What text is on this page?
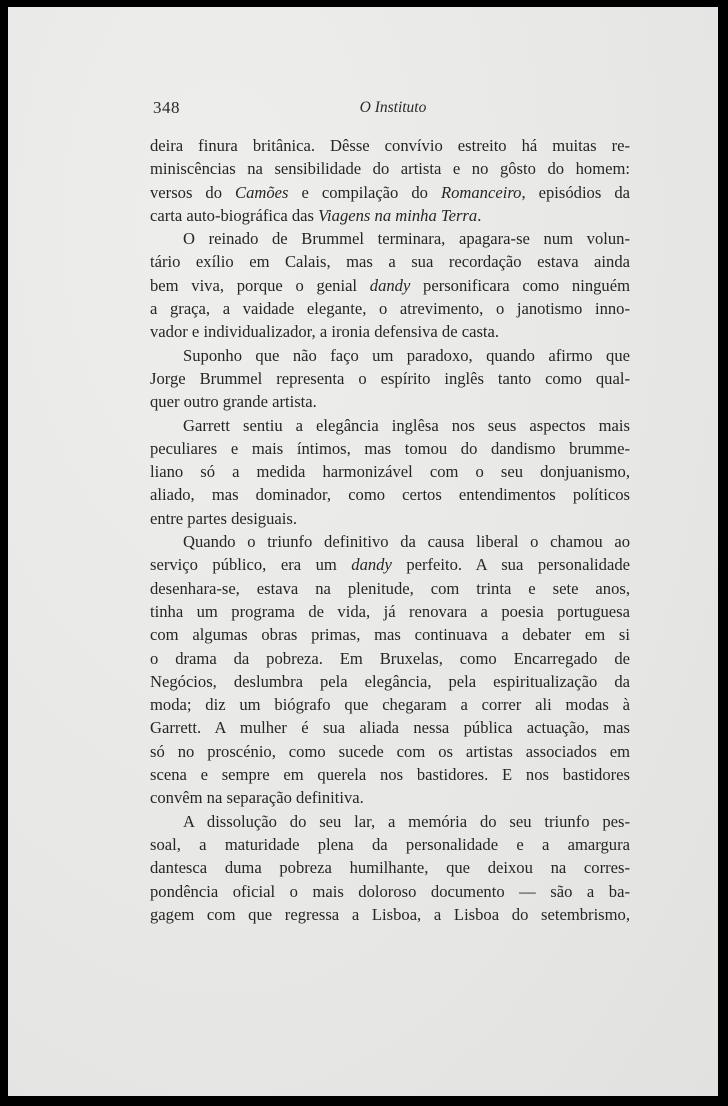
348	O Instituto
deira finura britânica. Dêsse convívio estreito há muitas re-
miniscências na sensibilidade do artista e no gôsto do homem:
versos do Camões e compilação do Romanceiro, episódios da
carta auto-biográfica das Viagens na minha Terra.
O reinado de Brummel terminara, apagara-se num volun-
tário exílio em Calais, mas a sua recordação estava ainda
bem viva, porque o genial dandy personificara como ninguém
a graça, a vaidade elegante, o atrevimento, o janotismo inno-
vador e individualizador, a ironia defensiva de casta.
Suponho que não faço um paradoxo, quando afirmo que
Jorge Brummel representa o espírito inglês tanto como qual-
quer outro grande artista.
Garrett sentiu a elegância inglêsa nos seus aspectos mais
peculiares e mais íntimos, mas tomou do dandismo brumme-
liano só a medida harmonizável com o seu donjuanismo,
aliado, mas dominador, como certos entendimentos políticos
entre partes desiguais.
Quando o triunfo definitivo da causa liberal o chamou ao
serviço público, era um dandy perfeito. A sua personalidade
desenhara-se, estava na plenitude, com trinta e sete anos,
tinha um programa de vida, já renovara a poesia portuguesa
com algumas obras primas, mas continuava a debater em si
o drama da pobreza. Em Bruxelas, como Encarregado de
Negócios, deslumbra pela elegância, pela espiritualização da
moda; diz um biógrafo que chegaram a correr ali modas à
Garrett. A mulher é sua aliada nessa pública actuação, mas
só no proscénio, como sucede com os artistas associados em
scena e sempre em querela nos bastidores. E nos bastidores
convêm na separação definitiva.
A dissolução do seu lar, a memória do seu triunfo pes-
soal, a maturidade plena da personalidade e a amargura
dantesca duma pobreza humilhante, que deixou na corres-
pondência oficial o mais doloroso documento — são a ba-
gagem com que regressa a Lisboa, a Lisboa do setembrismo,
